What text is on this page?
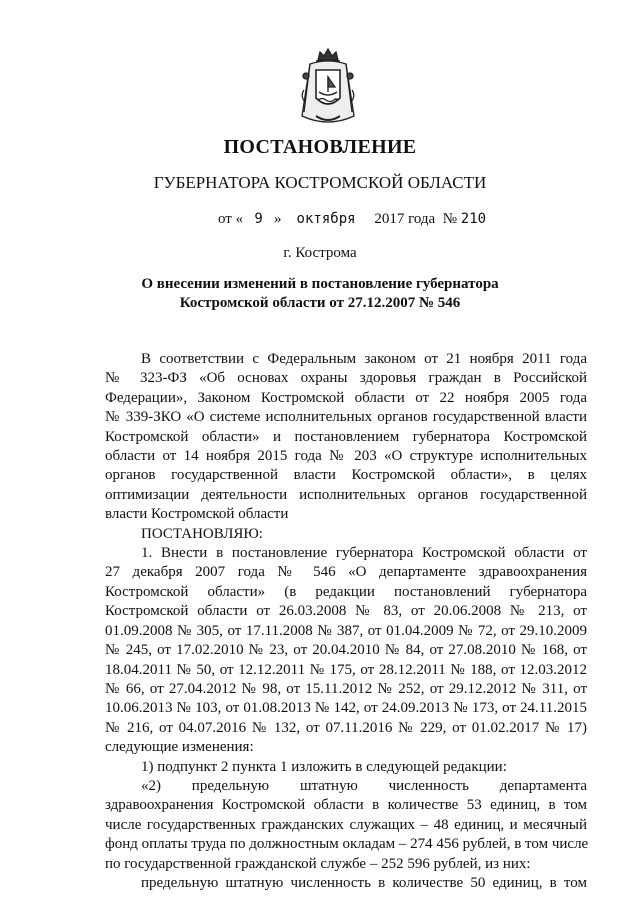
ПОСТАНОВЛЕНИЕ
ГУБЕРНАТОРА КОСТРОМСКОЙ ОБЛАСТИ
от « 9 » октября 2017 года № 210
г. Кострома
О внесении изменений в постановление губернатора
Костромской области от 27.12.2007 № 546
В соответствии с Федеральным законом от 21 ноября 2011 года
№ 323-ФЗ «Об основах охраны здоровья граждан в Российской
Федерации», Законом Костромской области от 22 ноября 2005 года
№ 339-ЗКО «О системе исполнительных органов государственной власти
Костромской области» и постановлением губернатора Костромской
области от 14 ноября 2015 года № 203 «О структуре исполнительных
органов государственной власти Костромской области», в целях
оптимизации деятельности исполнительных органов государственной
власти Костромской области
ПОСТАНОВЛЯЮ:
1. Внести в постановление губернатора Костромской области от
27 декабря 2007 года № 546 «О департаменте здравоохранения
Костромской области» (в редакции постановлений губернатора
Костромской области от 26.03.2008 № 83, от 20.06.2008 № 213, от
01.09.2008 № 305, от 17.11.2008 № 387, от 01.04.2009 № 72, от 29.10.2009
№ 245, от 17.02.2010 № 23, от 20.04.2010 № 84, от 27.08.2010 № 168, от
18.04.2011 № 50, от 12.12.2011 № 175, от 28.12.2011 № 188, от 12.03.2012
№ 66, от 27.04.2012 № 98, от 15.11.2012 № 252, от 29.12.2012 № 311, от
10.06.2013 № 103, от 01.08.2013 № 142, от 24.09.2013 № 173, от 24.11.2015
№ 216, от 04.07.2016 № 132, от 07.11.2016 № 229, от 01.02.2017 № 17)
следующие изменения:
1) подпункт 2 пункта 1 изложить в следующей редакции:
«2) предельную штатную численность департамента
здравоохранения Костромской области в количестве 53 единиц, в том
числе государственных гражданских служащих – 48 единиц, и месячный
фонд оплаты труда по должностным окладам – 274 456 рублей, в том числе
по государственной гражданской службе – 252 596 рублей, из них:
предельную штатную численность в количестве 50 единиц, в том
